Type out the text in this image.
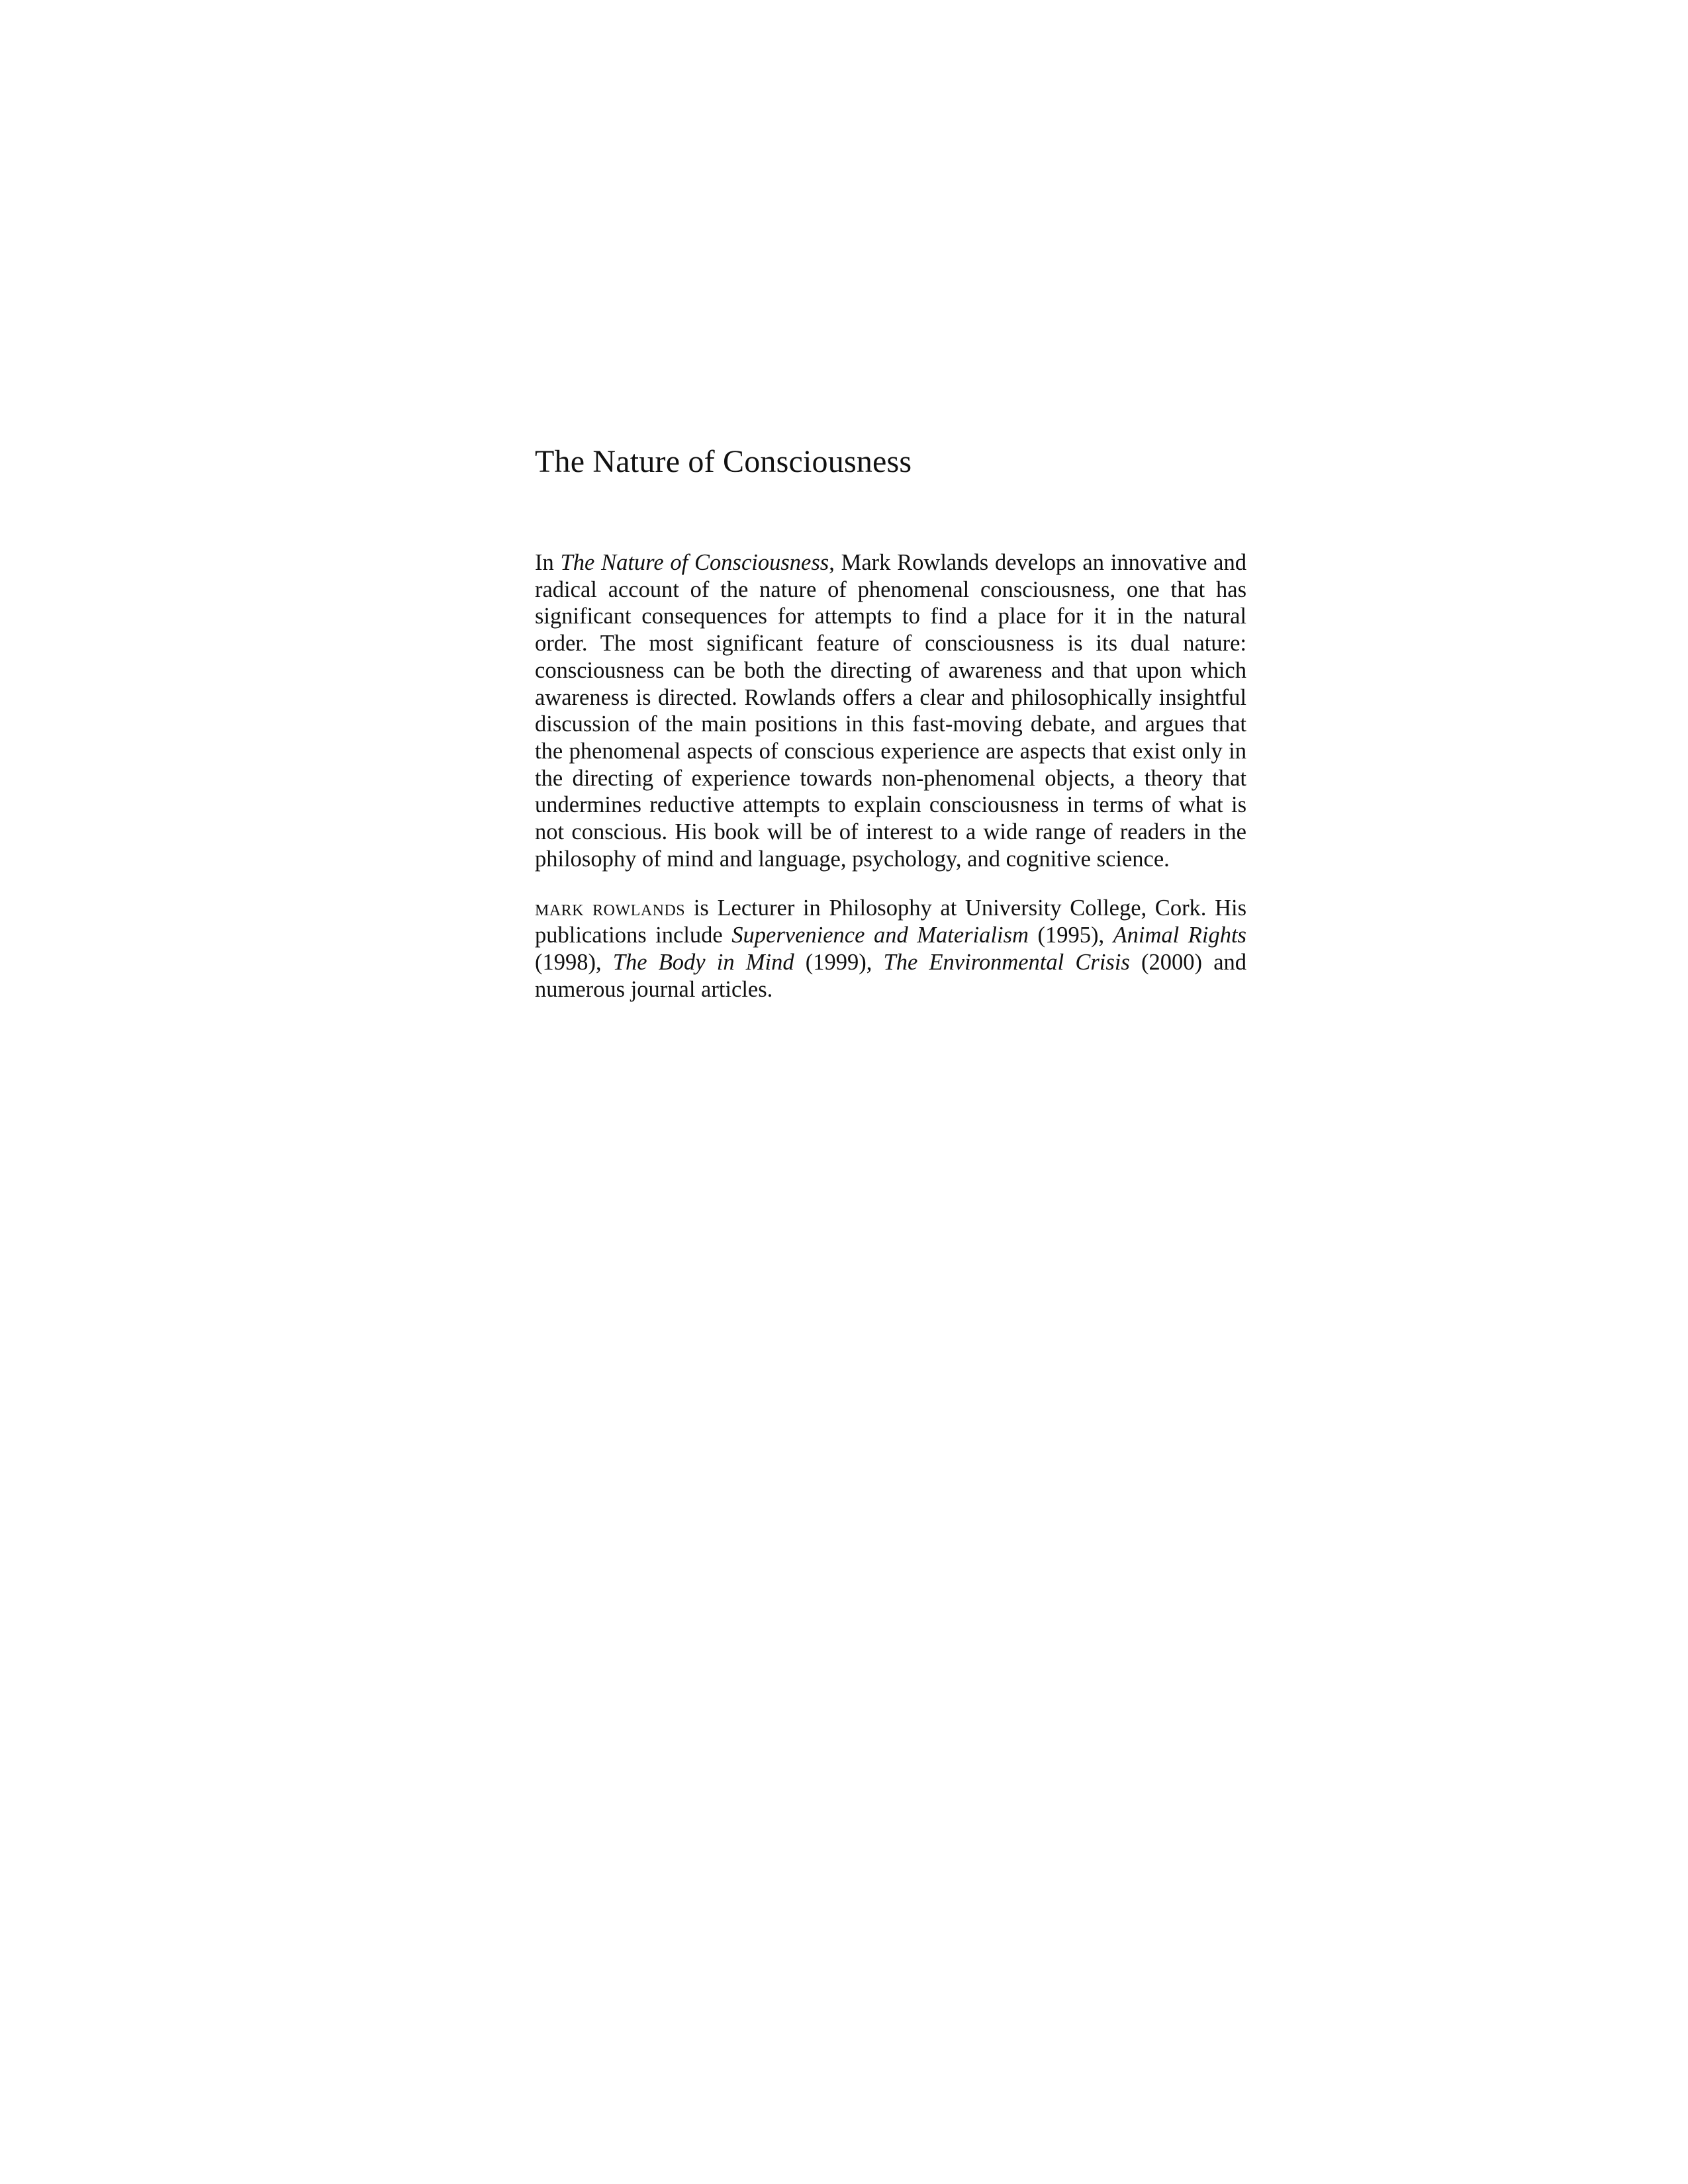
The Nature of Consciousness

In The Nature of Consciousness, Mark Rowlands develops an innovative and radical account of the nature of phenomenal consciousness, one that has significant consequences for attempts to find a place for it in the natural order. The most significant feature of consciousness is its dual nature: consciousness can be both the directing of awareness and that upon which awareness is directed. Rowlands offers a clear and philosophically insightful discussion of the main positions in this fast-moving debate, and argues that the phenomenal aspects of conscious experience are aspects that exist only in the directing of experience towards non-phenomenal objects, a theory that undermines reductive attempts to explain consciousness in terms of what is not conscious. His book will be of interest to a wide range of readers in the philosophy of mind and language, psychology, and cognitive science.

mark rowlands is Lecturer in Philosophy at University College, Cork. His publications include Supervenience and Materialism (1995), Animal Rights (1998), The Body in Mind (1999), The Environmental Crisis (2000) and numerous journal articles.
